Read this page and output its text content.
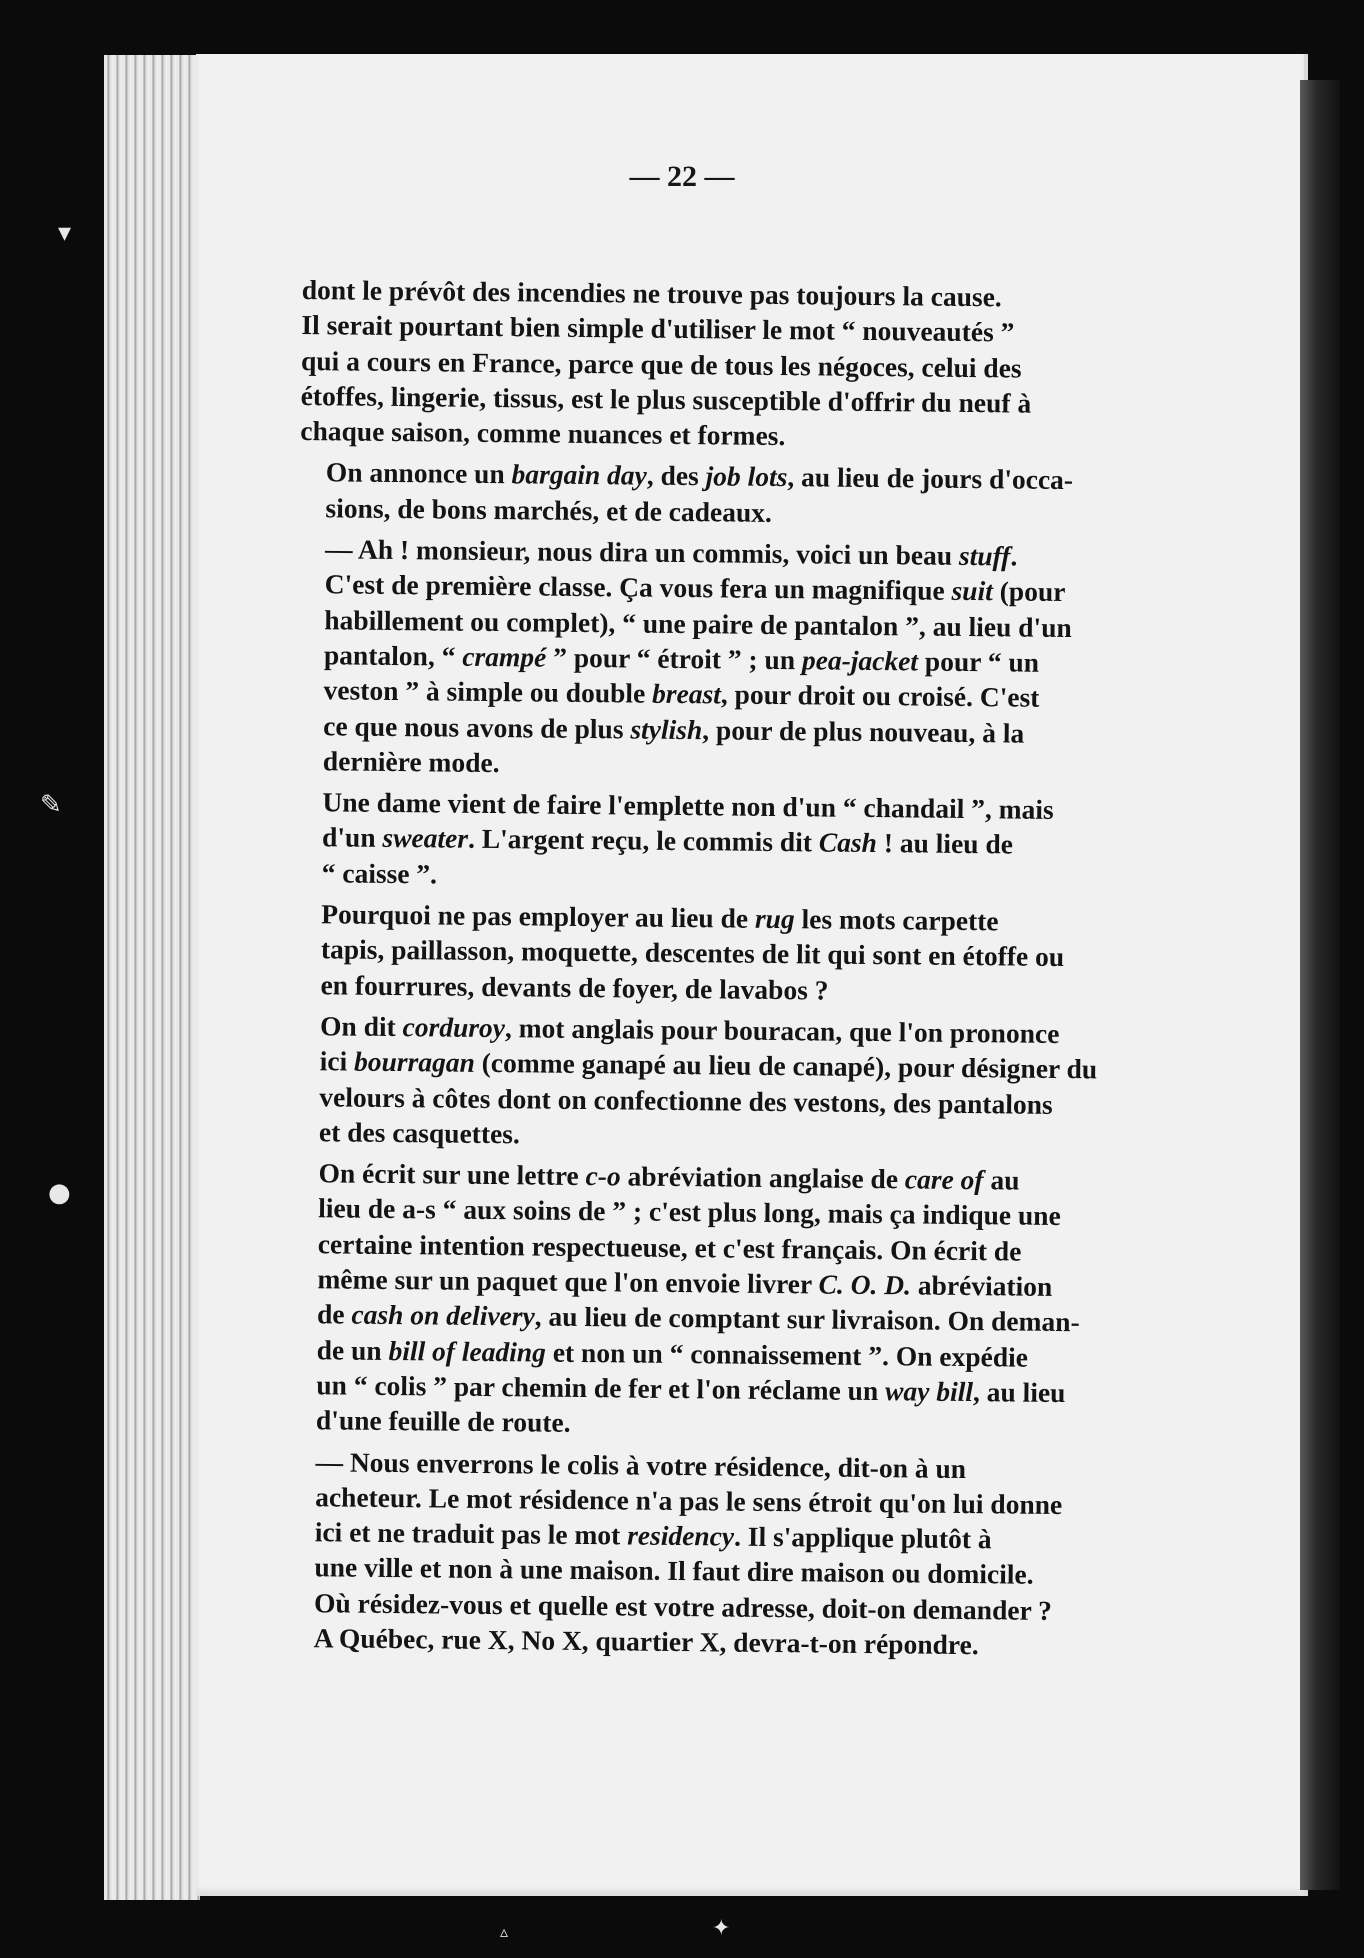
— 22 —

dont le prévôt des incendies ne trouve pas toujours la cause.
Il serait pourtant bien simple d'utiliser le mot “ nouveautés ”
qui a cours en France, parce que de tous les négoces, celui des
étoffes, lingerie, tissus, est le plus susceptible d'offrir du neuf à
chaque saison, comme nuances et formes.

On annonce un bargain day, des job lots, au lieu de jours d'occa-
sions, de bons marchés, et de cadeaux.

— Ah ! monsieur, nous dira un commis, voici un beau stuff.
C'est de première classe. Ça vous fera un magnifique suit (pour
habillement ou complet), “ une paire de pantalon ”, au lieu d'un
pantalon, “ crampé ” pour “ étroit ” ; un pea-jacket pour “ un
veston ” à simple ou double breast, pour droit ou croisé. C'est
ce que nous avons de plus stylish, pour de plus nouveau, à la
dernière mode.

Une dame vient de faire l'emplette non d'un “ chandail ”, mais
d'un sweater. L'argent reçu, le commis dit Cash ! au lieu de
“ caisse ”.

Pourquoi ne pas employer au lieu de rug les mots carpette
tapis, paillasson, moquette, descentes de lit qui sont en étoffe ou
en fourrures, devants de foyer, de lavabos ?

On dit corduroy, mot anglais pour bouracan, que l'on prononce
ici bourragan (comme ganapé au lieu de canapé), pour désigner du
velours à côtes dont on confectionne des vestons, des pantalons
et des casquettes.

On écrit sur une lettre c-o abréviation anglaise de care of au
lieu de a-s “ aux soins de ” ; c'est plus long, mais ça indique une
certaine intention respectueuse, et c'est français. On écrit de
même sur un paquet que l'on envoie livrer C. O. D. abréviation
de cash on delivery, au lieu de comptant sur livraison. On deman-
de un bill of leading et non un “ connaissement ”. On expédie
un “ colis ” par chemin de fer et l'on réclame un way bill, au lieu
d'une feuille de route.

— Nous enverrons le colis à votre résidence, dit-on à un
acheteur. Le mot résidence n'a pas le sens étroit qu'on lui donne
ici et ne traduit pas le mot residency. Il s'applique plutôt à
une ville et non à une maison. Il faut dire maison ou domicile.
Où résidez-vous et quelle est votre adresse, doit-on demander ?
A Québec, rue X, No X, quartier X, devra-t-on répondre.

▾
✎
●
▵	✦
